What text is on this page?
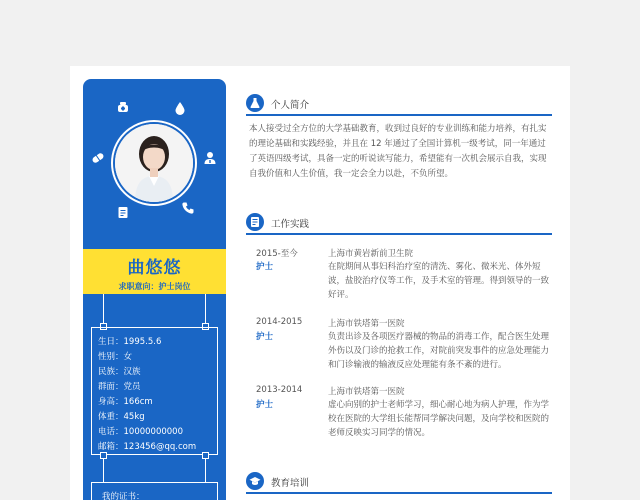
曲悠悠
求职意向：护士岗位
生日：1995.5.6
性别：女
民族：汉族
群面：党员
身高：166cm
体重：45kg
电话：10000000000
邮箱：123456@qq.com
我的证书：
个人简介
本人接受过全方位的大学基础教育，收到过良好的专业训练和能力培养，有扎实的理论基础和实践经验，并且在 12 年通过了全国计算机一级考试，同一年通过了英语四级考试，具备一定的听说读写能力，希望能有一次机会展示自我，实现自我价值和人生价值，我一定会全力以赴，不负所望。
工作实践
2015-至今
护士
上海市黄岩新前卫生院
在院期间从事妇科治疗室的清洗、雾化、微米光、体外短波，盐胶治疗仪等工作，及手术室的管理。得到领导的一致好评。
2014-2015
护士
上海市铁塔第一医院
负责出诊及各项医疗器械的物品的消毒工作，配合医生处理外伤以及门诊的抢救工作，对院前突发事件的应急处理能力和门诊输液的输液反应处理能有条不紊的进行。
2013-2014
护士
上海市铁塔第一医院
虚心向别的护士老师学习，细心耐心地为病人护理，作为学校在医院的大学组长能帮同学解决问题，及向学校和医院的老师反映实习同学的情况。
教育培训
